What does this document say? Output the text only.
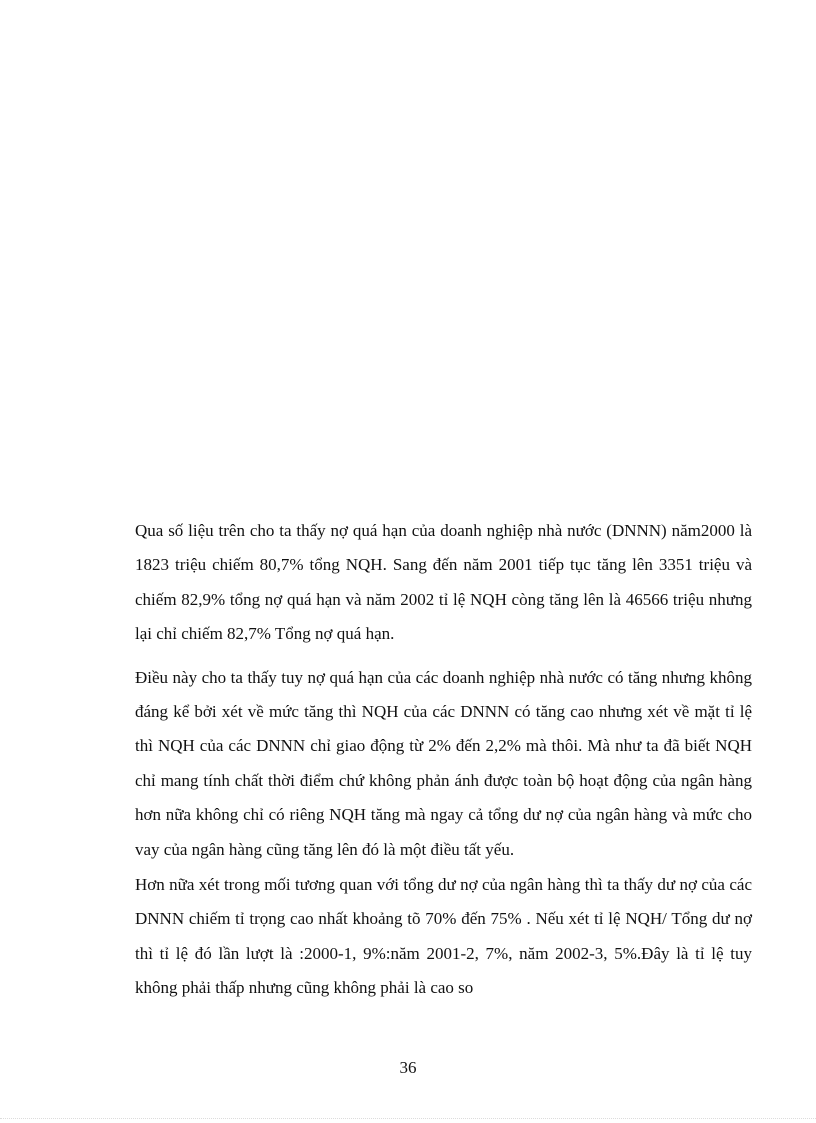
Qua số liệu trên cho ta thấy nợ quá hạn của doanh nghiệp nhà nước (DNNN) năm2000 là 1823 triệu chiếm 80,7% tổng NQH. Sang đến năm 2001 tiếp tục tăng lên 3351 triệu và chiếm 82,9% tổng nợ quá hạn và năm 2002 tỉ lệ NQH còng tăng lên là 46566 triệu nhưng lại chỉ chiếm 82,7% Tổng nợ quá hạn.

Điều này cho ta thấy tuy nợ quá hạn của các doanh nghiệp nhà nước có tăng nhưng không đáng kể bởi xét về mức tăng thì NQH của các DNNN có tăng cao nhưng xét về mặt tỉ lệ thì NQH của các DNNN chỉ giao động từ 2% đến 2,2% mà thôi. Mà như ta đã biết NQH chỉ mang tính chất thời điểm chứ không phản ánh được toàn bộ hoạt động của ngân hàng hơn nữa không chỉ có riêng NQH tăng mà ngay cả tổng dư nợ của ngân hàng và mức cho vay của ngân hàng cũng tăng lên đó là một điều tất yếu.

Hơn nữa xét trong mối tương quan với tổng dư nợ của ngân hàng thì ta thấy dư nợ của các DNNN chiếm tỉ trọng cao nhất khoảng tõ 70% đến 75% . Nếu xét tỉ lệ NQH/ Tổng dư nợ thì tỉ lệ đó lần lượt là :2000-1, 9%:năm 2001-2, 7%, năm 2002-3, 5%.Đây là tỉ lệ tuy không phải thấp nhưng cũng không phải là cao so

36
